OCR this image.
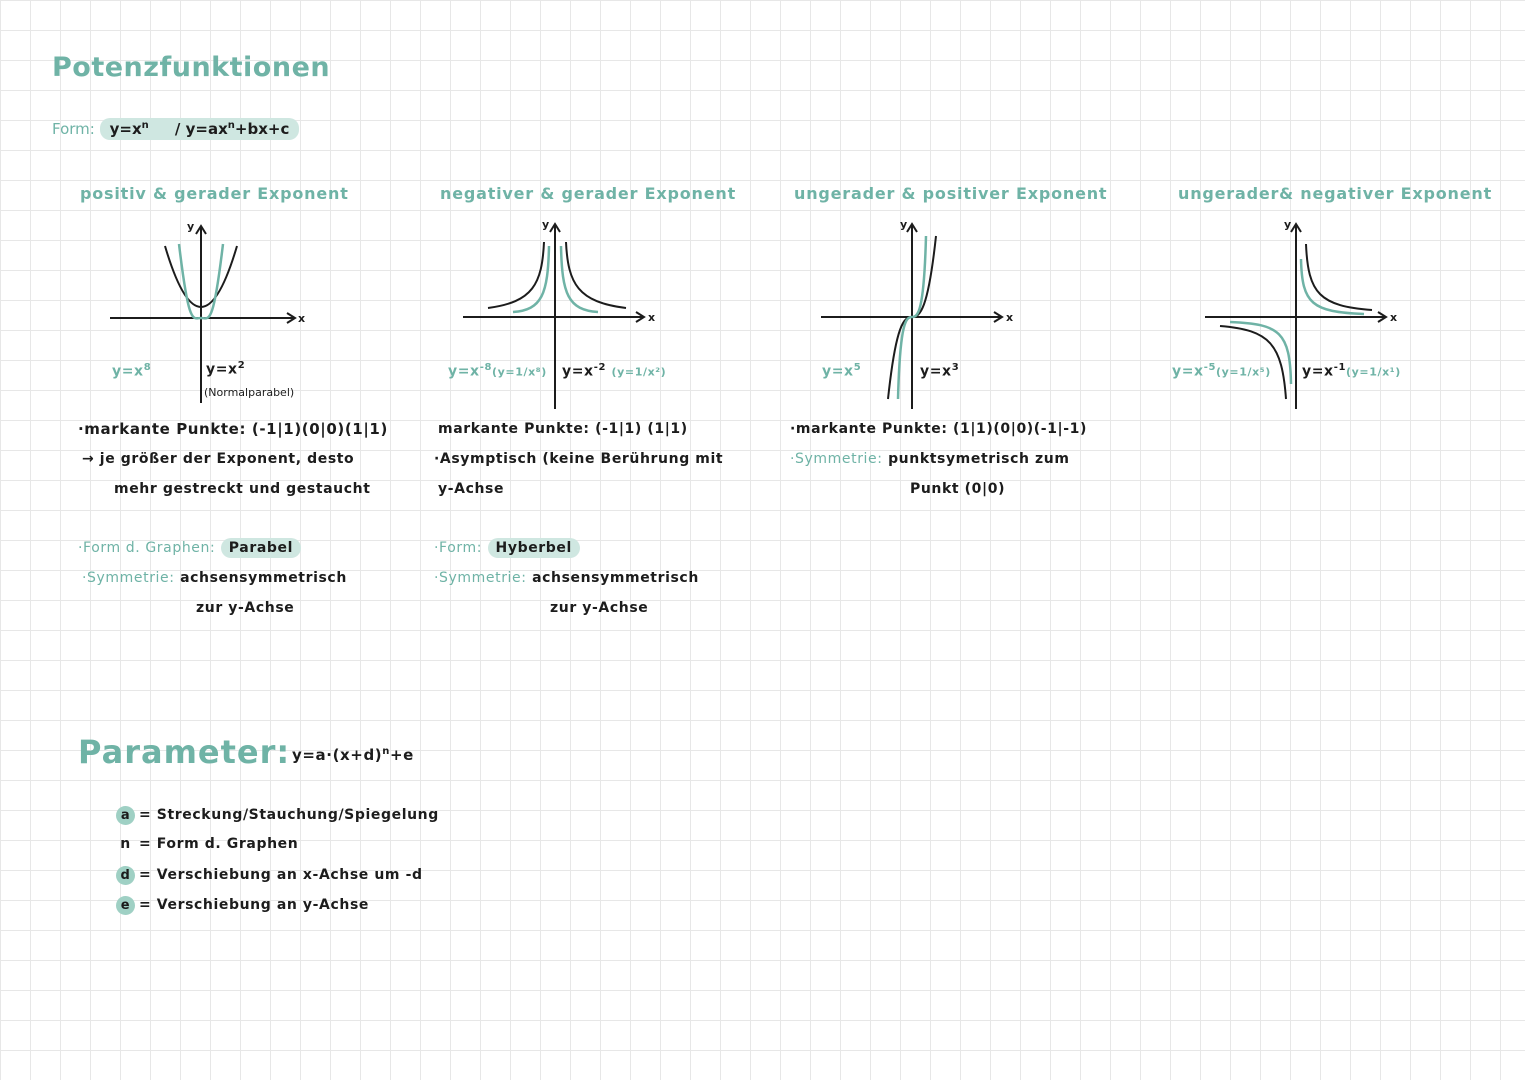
Potenzfunktionen
Form: $y=x^n / y=ax^n+bx+c$
positiv & gerader Exponent
x
y
$y=x^8$	$y=x^2$
(Normalparabel)
·markante Punkte: (-1|1)(0|0)(1|1)
→ je größer der Exponent, desto
mehr gestreckt und gestaucht
·Form d. Graphen: Parabel
·Symmetrie: achsensymmetrisch
zur y-Achse
negativer & gerader Exponent
x
y
$y=x^{-8}(y=1/x^8)$ $y=x^{-2}$ (y=1/x²)
markante Punkte: (-1|1) (1|1)
·Asymptisch (keine Berührung mit
y-Achse
·Form: Hyberbel
·Symmetrie: achsensymmetrisch
zur y-Achse
ungerader & positiver Exponent
x
y
$y=x^5$	$y=x^3$
·markante Punkte: (1|1)(0|0)(-1|-1)
·Symmetrie: punktsymetrisch zum
Punkt (0|0)
ungerader& negativer Exponent
x
y
$y=x^{-5}(y=1/x^5)$ $y=x^{-1}(y=1/x^1)$
Parameter: $y=a\cdot(x+d)^n+e$
a = Streckung/Stauchung/Spiegelung
n = Form d. Graphen
d = Verschiebung an x-Achse um -d
e = Verschiebung an y-Achse
